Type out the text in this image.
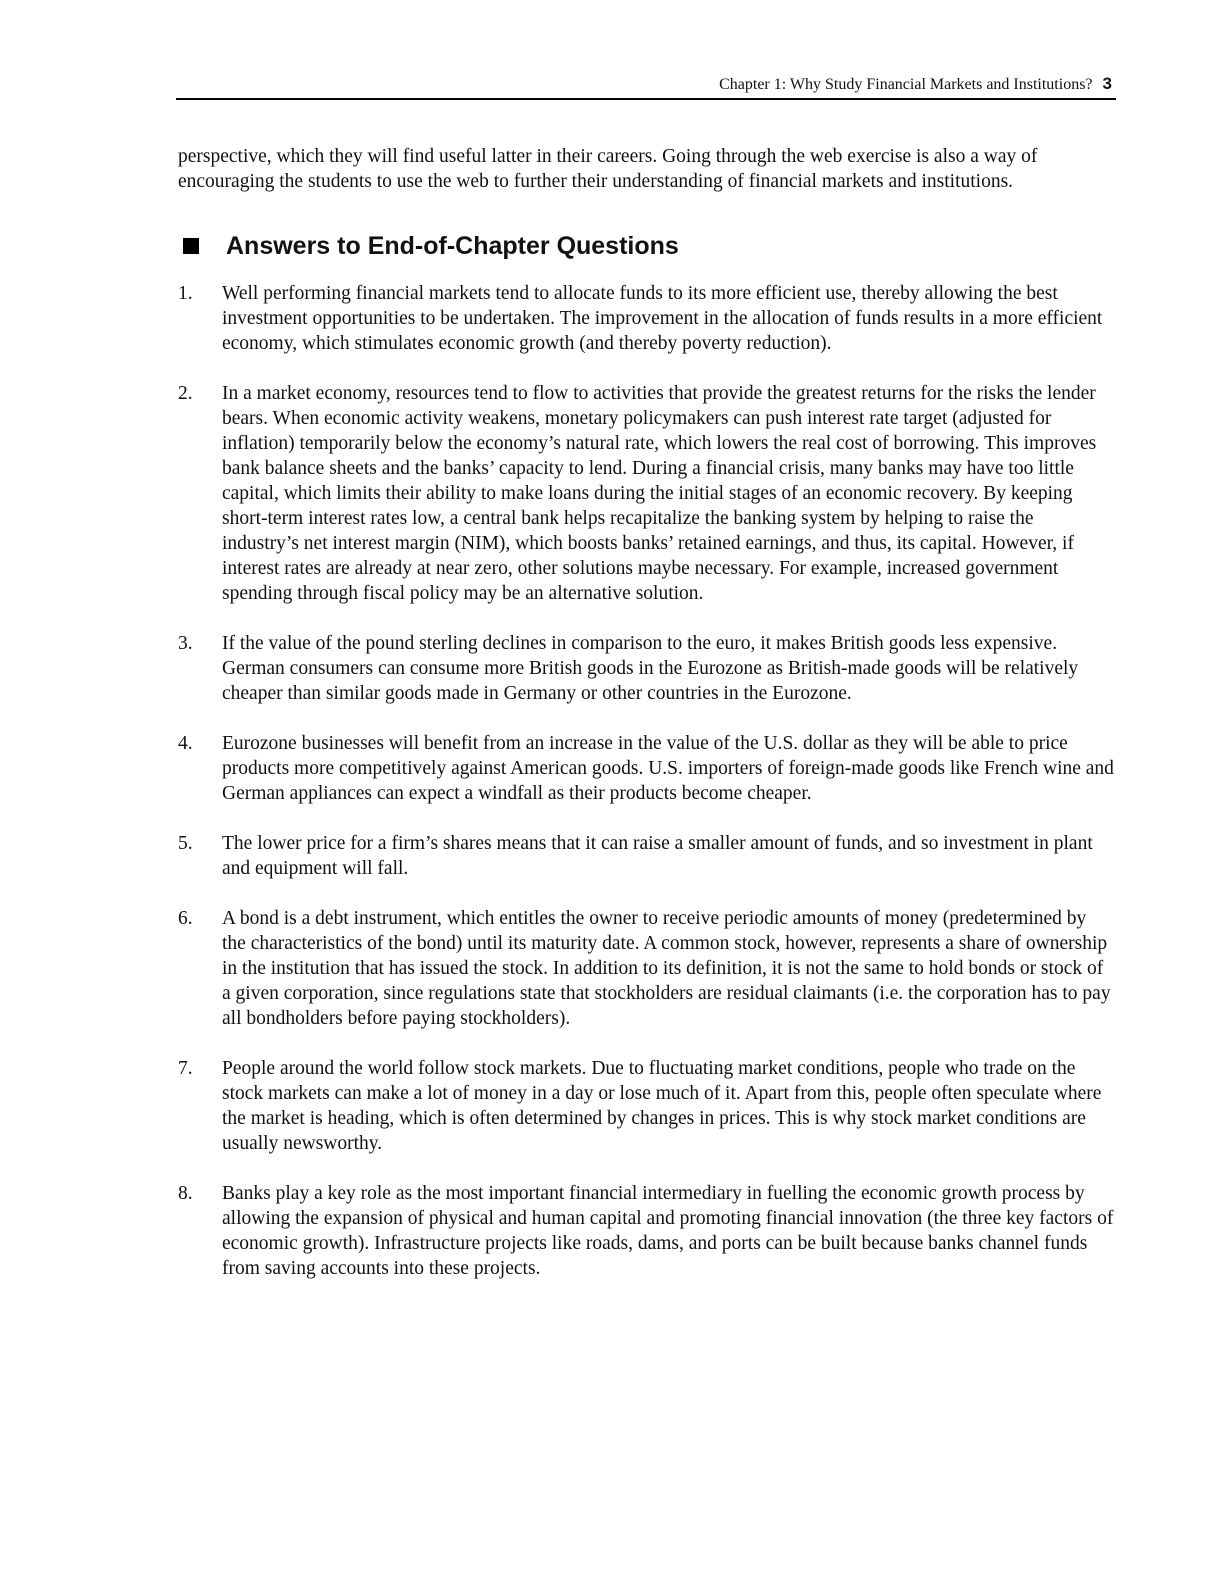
Chapter 1: Why Study Financial Markets and Institutions? 3

perspective, which they will find useful latter in their careers. Going through the web exercise is also a way of encouraging the students to use the web to further their understanding of financial markets and institutions.

Answers to End-of-Chapter Questions
1.	Well performing financial markets tend to allocate funds to its more efficient use, thereby allowing the best investment opportunities to be undertaken. The improvement in the allocation of funds results in a more efficient economy, which stimulates economic growth (and thereby poverty reduction).
2.	In a market economy, resources tend to flow to activities that provide the greatest returns for the risks the lender bears. When economic activity weakens, monetary policymakers can push interest rate target (adjusted for inflation) temporarily below the economy’s natural rate, which lowers the real cost of borrowing. This improves bank balance sheets and the banks’ capacity to lend. During a financial crisis, many banks may have too little capital, which limits their ability to make loans during the initial stages of an economic recovery. By keeping short-term interest rates low, a central bank helps recapitalize the banking system by helping to raise the industry’s net interest margin (NIM), which boosts banks’ retained earnings, and thus, its capital. However, if interest rates are already at near zero, other solutions maybe necessary. For example, increased government spending through fiscal policy may be an alternative solution.
3.	If the value of the pound sterling declines in comparison to the euro, it makes British goods less expensive. German consumers can consume more British goods in the Eurozone as British-made goods will be relatively cheaper than similar goods made in Germany or other countries in the Eurozone.
4.	Eurozone businesses will benefit from an increase in the value of the U.S. dollar as they will be able to price products more competitively against American goods. U.S. importers of foreign-made goods like French wine and German appliances can expect a windfall as their products become cheaper.
5.	The lower price for a firm’s shares means that it can raise a smaller amount of funds, and so investment in plant and equipment will fall.
6.	A bond is a debt instrument, which entitles the owner to receive periodic amounts of money (predetermined by the characteristics of the bond) until its maturity date. A common stock, however, represents a share of ownership in the institution that has issued the stock. In addition to its definition, it is not the same to hold bonds or stock of a given corporation, since regulations state that stockholders are residual claimants (i.e. the corporation has to pay all bondholders before paying stockholders).
7.	People around the world follow stock markets. Due to fluctuating market conditions, people who trade on the stock markets can make a lot of money in a day or lose much of it. Apart from this, people often speculate where the market is heading, which is often determined by changes in prices. This is why stock market conditions are usually newsworthy.
8.	Banks play a key role as the most important financial intermediary in fuelling the economic growth process by allowing the expansion of physical and human capital and promoting financial innovation (the three key factors of economic growth). Infrastructure projects like roads, dams, and ports can be built because banks channel funds from saving accounts into these projects.
